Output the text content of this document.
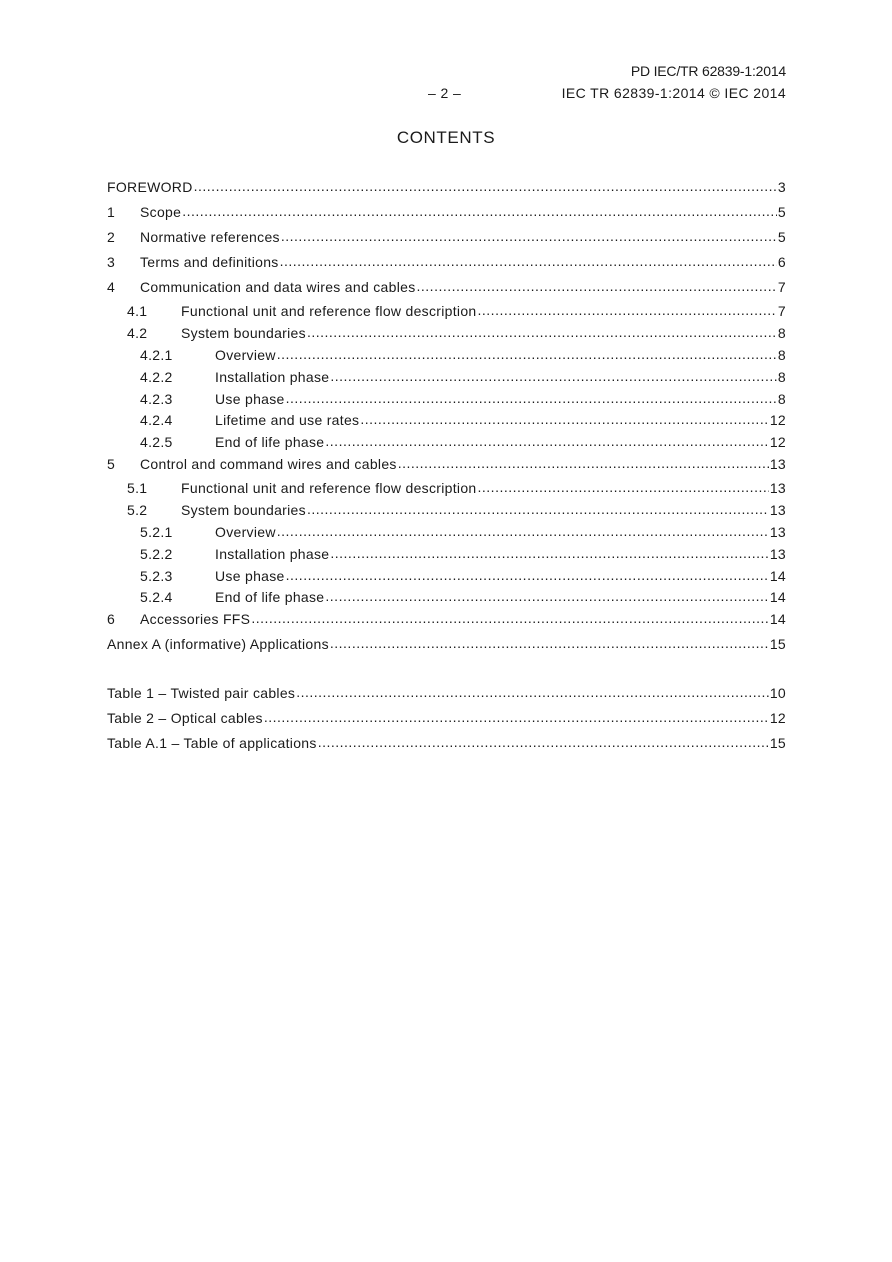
PD IEC/TR 62839-1:2014
– 2 –	IEC TR 62839-1:2014 © IEC 2014
CONTENTS
FOREWORD .....	3
1	Scope .....	5
2	Normative references .....	5
3	Terms and definitions .....	6
4	Communication and data wires and cables .....	7
4.1	Functional unit and reference flow description .....	7
4.2	System boundaries .....	8
4.2.1	Overview .....	8
4.2.2	Installation phase .....	8
4.2.3	Use phase .....	8
4.2.4	Lifetime and use rates .....	12
4.2.5	End of life phase .....	12
5	Control and command wires and cables .....	13
5.1	Functional unit and reference flow description .....	13
5.2	System boundaries .....	13
5.2.1	Overview .....	13
5.2.2	Installation phase .....	13
5.2.3	Use phase .....	14
5.2.4	End of life phase .....	14
6	Accessories FFS .....	14
Annex A (informative) Applications .....	15
Table 1 – Twisted pair cables .....	10
Table 2 – Optical cables .....	12
Table A.1 – Table of applications .....	15
